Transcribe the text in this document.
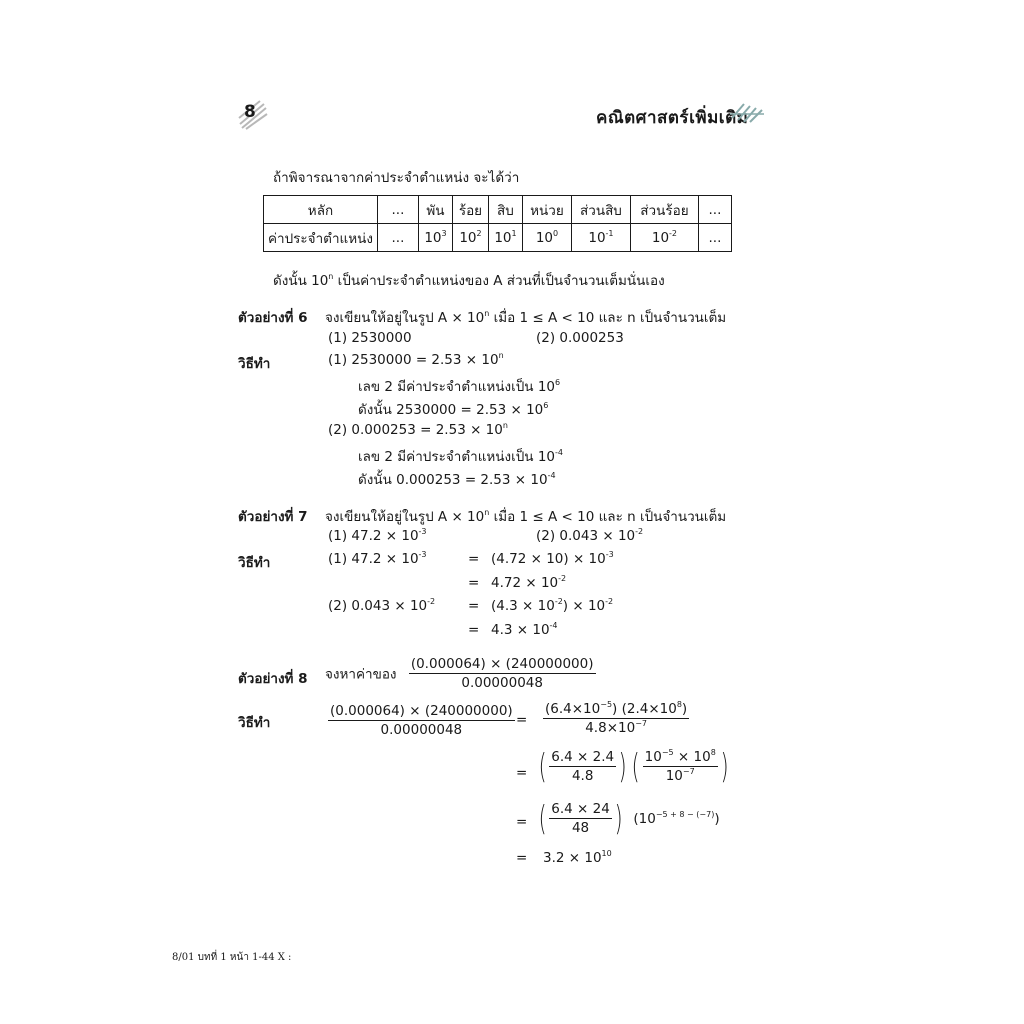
8	คณิตศาสตร์เพิ่มเติม
ถ้าพิจารณาจากค่าประจำตำแหน่ง จะได้ว่า
หลัก	...	พัน	ร้อย	สิบ	หน่วย	ส่วนสิบ	ส่วนร้อย	...
ค่าประจำตำแหน่ง	...	$10^3$	$10^2$	$10^1$	$10^0$	$10^{-1}$	$10^{-2}$	...
ดังนั้น 10$^n$ เป็นค่าประจำตำแหน่งของ A ส่วนที่เป็นจำนวนเต็มนั่นเอง
ตัวอย่างที่ 6 จงเขียนให้อยู่ในรูป $A \times 10^n$ เมื่อ 1 ≤ A < 10 และ n เป็นจำนวนเต็ม
(1) 2530000	(2) 0.000253
วิธีทำ	(1) $2530000 = 2.53 \times 10^n$
เลข 2 มีค่าประจำตำแหน่งเป็น $10^6$
ดังนั้น $2530000 = 2.53 \times 10^6$
(2) $0.000253 = 2.53 \times 10^n$
เลข 2 มีค่าประจำตำแหน่งเป็น $10^{-4}$
ดังนั้น $0.000253 = 2.53 \times 10^{-4}$
ตัวอย่างที่ 7 จงเขียนให้อยู่ในรูป $A \times 10^n$ เมื่อ 1 ≤ A < 10 และ n เป็นจำนวนเต็ม
(1) $47.2 \times 10^{-3}$	(2) $0.043 \times 10^{-2}$
วิธีทำ	(1) $47.2 \times 10^{-3}$	= $(4.72 \times 10) \times 10^{-3}$
= $4.72 \times 10^{-2}$
(2) $0.043 \times 10^{-2} = (4.3 \times 10^{-2}) \times 10^{-2}$
= $4.3 \times 10^{-4}$
ตัวอย่างที่ 8 จงหาค่าของ $\frac{(0.000064) \times (240000000)}{0.00000048}$
วิธีทำ	$\frac{(0.000064) \times (240000000)}{0.00000048} = \frac{(6.4\times 10^{-5}) (2.4\times 10^8)}{4.8\times 10^{-7}}$
= ( $\frac{6.4 \times 2.4}{4.8}$ ) ( $\frac{10^{-5} \times 10^8}{10^{-7}}$ )
= ( $\frac{6.4 \times 24}{48}$ ) $(10^{-5 + 8 - (-7)})$
= $3.2 \times 10^{10}$
8/01 บทที่ 1 หน้า 1-44 X :
